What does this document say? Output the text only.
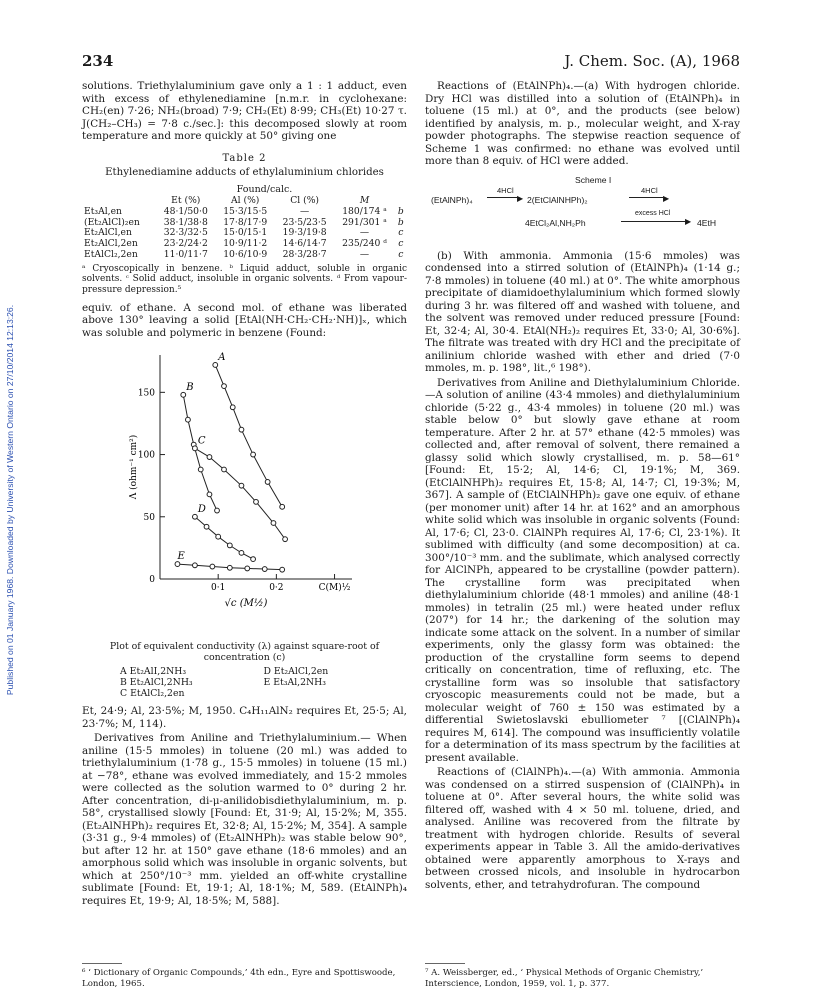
Published on 01 January 1968. Downloaded by University of Western Ontario on 27/10/2014 12:13:26.
234	J. Chem. Soc. (A), 1968

solutions. Triethylaluminium gave only a 1 : 1 adduct, even with excess of ethylenediamine [n.m.r. in cyclohexane: CH₂(en) 7·26; NH₂(broad) 7·9; CH₂(Et) 8·99; CH₃(Et) 10·27 τ. J(CH₂–CH₃) = 7·8 c./sec.]: this decomposed slowly at room temperature and more quickly at 50° giving one

Table 2
Ethylenediamine adducts of ethylaluminium chlorides
Found/calc.
	Et (%)	Al (%)	Cl (%)	M	
Et₃Al,en	48·1/50·0	15·3/15·5	—	180/174 ᵃ	b
(Et₂AlCl)₂en	38·1/38·8	17·8/17·9	23·5/23·5	291/301 ᵃ	b
Et₂AlCl,en	32·3/32·5	15·0/15·1	19·3/19·8	—	c
Et₂AlCl,2en	23·2/24·2	10·9/11·2	14·6/14·7	235/240 ᵈ	c
EtAlCl₂,2en	11·0/11·7	10·6/10·9	28·3/28·7	—	c
ᵃ Cryoscopically in benzene. ᵇ Liquid adduct, soluble in organic solvents. ᶜ Solid adduct, insoluble in organic solvents. ᵈ From vapour-pressure depression.⁵

equiv. of ethane. A second mol. of ethane was liberated above 130° leaving a solid [EtAl(NH·CH₂·CH₂·NH)]ₓ, which was soluble and polymeric in benzene (Found:

0
50
100
150
0·1	0·2	C(M)½
√c (M½)
Λ (ohm⁻¹ cm²)
A
B
C
D
E
Plot of equivalent conductivity (λ) against square-root of concentration (c)
A Et₂AlI,2NH₃	D Et₂AlCl,2en
B Et₂AlCl,2NH₃	E Et₃Al,2NH₃
C EtAlCl₂,2en

Et, 24·9; Al, 23·5%; M, 1950. C₄H₁₁AlN₂ requires Et, 25·5; Al, 23·7%; M, 114).

Derivatives from Aniline and Triethylaluminium.— When aniline (15·5 mmoles) in toluene (20 ml.) was added to triethylaluminium (1·78 g., 15·5 mmoles) in toluene (15 ml.) at −78°, ethane was evolved immediately, and 15·2 mmoles were collected as the solution warmed to 0° during 2 hr. After concentration, di-μ-anilidobisdiethylaluminium, m. p. 58°, crystallised slowly [Found: Et, 31·9; Al, 15·2%; M, 355. (Et₂AlNHPh)₂ requires Et, 32·8; Al, 15·2%; M, 354]. A sample (3·31 g., 9·4 mmoles) of (Et₂AlNHPh)₂ was stable below 90°, but after 12 hr. at 150° gave ethane (18·6 mmoles) and an amorphous solid which was insoluble in organic solvents, but which at 250°/10⁻³ mm. yielded an off-white crystalline sublimate [Found: Et, 19·1; Al, 18·1%; M, 589. (EtAlNPh)₄ requires Et, 19·9; Al, 18·5%; M, 588].

Reactions of (EtAlNPh)₄.—(a) With hydrogen chloride. Dry HCl was distilled into a solution of (EtAlNPh)₄ in toluene (15 ml.) at 0°, and the products (see below) identified by analysis, m. p., molecular weight, and X-ray powder photographs. The stepwise reaction sequence of Scheme 1 was confirmed: no ethane was evolved until more than 8 equiv. of HCl were added.

Scheme I
(EtAlNPh)₄
4HCl
▶ 2(EtClAlNHPh)₂
4HCl
▶
4EtCl₂Al,NH₂Ph
excess HCl
▶ 4EtH

(b) With ammonia. Ammonia (15·6 mmoles) was condensed into a stirred solution of (EtAlNPh)₄ (1·14 g.; 7·8 mmoles) in toluene (40 ml.) at 0°. The white amorphous precipitate of diamidoethylaluminium which formed slowly during 3 hr. was filtered off and washed with toluene, and the solvent was removed under reduced pressure [Found: Et, 32·4; Al, 30·4. EtAl(NH₂)₂ requires Et, 33·0; Al, 30·6%]. The filtrate was treated with dry HCl and the precipitate of anilinium chloride washed with ether and dried (7·0 mmoles, m. p. 198°, lit.,⁶ 198°).

Derivatives from Aniline and Diethylaluminium Chloride. —A solution of aniline (43·4 mmoles) and diethylaluminium chloride (5·22 g., 43·4 mmoles) in toluene (20 ml.) was stable below 0° but slowly gave ethane at room temperature. After 2 hr. at 57° ethane (42·5 mmoles) was collected and, after removal of solvent, there remained a glassy solid which slowly crystallised, m. p. 58—61° [Found: Et, 15·2; Al, 14·6; Cl, 19·1%; M, 369. (EtClAlNHPh)₂ requires Et, 15·8; Al, 14·7; Cl, 19·3%; M, 367]. A sample of (EtClAlNHPh)₂ gave one equiv. of ethane (per monomer unit) after 14 hr. at 162° and an amorphous white solid which was insoluble in organic solvents (Found: Al, 17·6; Cl, 23·0. ClAlNPh requires Al, 17·6; Cl, 23·1%). It sublimed with difficulty (and some decomposition) at ca. 300°/10⁻³ mm. and the sublimate, which analysed correctly for AlClNPh, appeared to be crystalline (powder pattern). The crystalline form was precipitated when diethylaluminium chloride (48·1 mmoles) and aniline (48·1 mmoles) in tetralin (25 ml.) were heated under reflux (207°) for 14 hr.; the darkening of the solution may indicate some attack on the solvent. In a number of similar experiments, only the glassy form was obtained: the production of the crystalline form seems to depend critically on concentration, time of refluxing, etc. The crystalline form was so insoluble that satisfactory cryoscopic measurements could not be made, but a molecular weight of 760 ± 150 was estimated by a differential Swietoslavski ebulliometer ⁷ [(ClAlNPh)₄ requires M, 614]. The compound was insufficiently volatile for a determination of its mass spectrum by the facilities at present available.

Reactions of (ClAlNPh)₄.—(a) With ammonia. Ammonia was condensed on a stirred suspension of (ClAlNPh)₄ in toluene at 0°. After several hours, the white solid was filtered off, washed with 4 × 50 ml. toluene, dried, and analysed. Aniline was recovered from the filtrate by treatment with hydrogen chloride. Results of several experiments appear in Table 3. All the amido-derivatives obtained were apparently amorphous to X-rays and between crossed nicols, and insoluble in hydrocarbon solvents, ether, and tetrahydrofuran. The compound

⁶ ‘ Dictionary of Organic Compounds,’ 4th edn., Eyre and Spottiswoode, London, 1965.
⁷ A. Weissberger, ed., ‘ Physical Methods of Organic Chemistry,’ Interscience, London, 1959, vol. 1, p. 377.
